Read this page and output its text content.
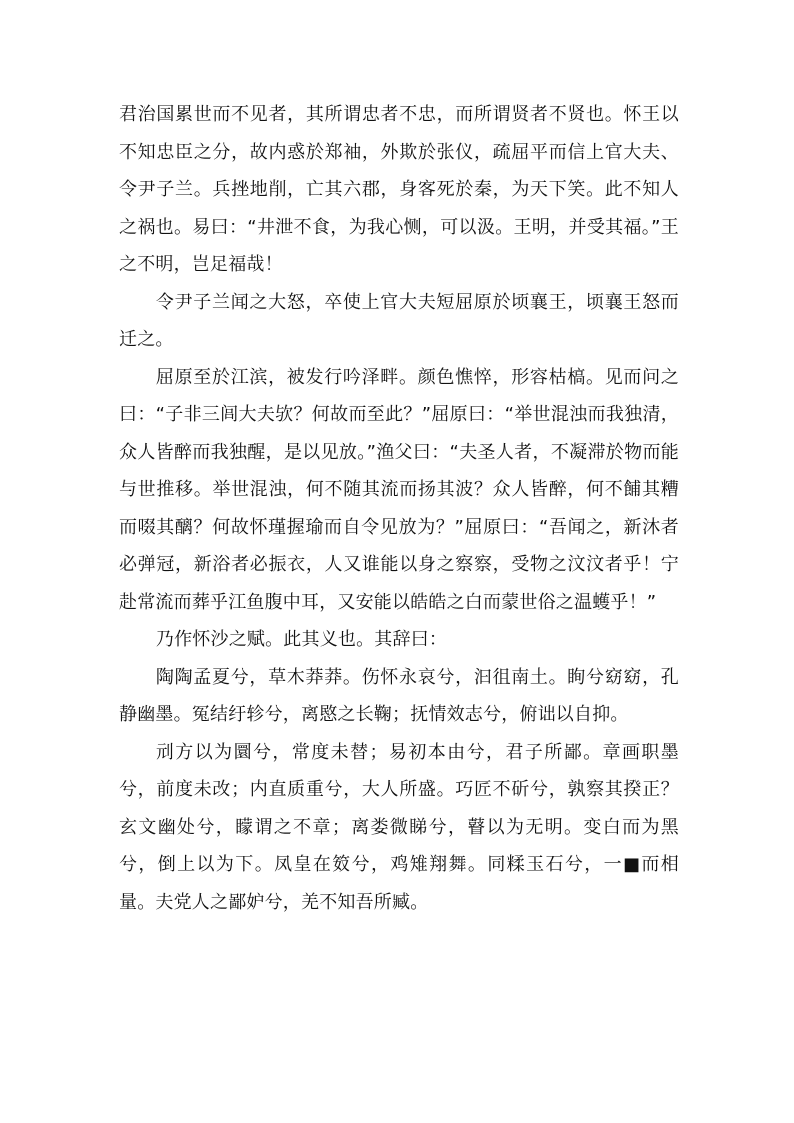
君治国累世而不见者，其所谓忠者不忠，而所谓贤者不贤也。怀王以不知忠臣之分，故内惑於郑袖，外欺於张仪，疏屈平而信上官大夫、令尹子兰。兵挫地削，亡其六郡，身客死於秦，为天下笑。此不知人之祸也。易曰：“井泄不食，为我心恻，可以汲。王明，并受其福。”王之不明，岂足福哉！

令尹子兰闻之大怒，卒使上官大夫短屈原於顷襄王，顷襄王怒而迁之。

屈原至於江滨，被发行吟泽畔。颜色憔悴，形容枯槁。见而问之曰：“子非三闾大夫欤？何故而至此？”屈原曰：“举世混浊而我独清，众人皆醉而我独醒，是以见放。”渔父曰：“夫圣人者，不凝滞於物而能与世推移。举世混浊，何不随其流而扬其波？众人皆醉，何不餔其糟而啜其醨？何故怀瑾握瑜而自令见放为？”屈原曰：“吾闻之，新沐者必弹冠，新浴者必振衣，人又谁能以身之察察，受物之汶汶者乎！宁赴常流而葬乎江鱼腹中耳，又安能以皓皓之白而蒙世俗之温蠖乎！”

乃作怀沙之赋。此其义也。其辞曰：

陶陶孟夏兮，草木莽莽。伤怀永哀兮，汩徂南土。眴兮窈窈，孔静幽墨。冤结纡轸兮，离愍之长鞠；抚情效志兮，俯诎以自抑。

刓方以为圜兮，常度未替；易初本由兮，君子所鄙。章画职墨兮，前度未改；内直质重兮，大人所盛。巧匠不斫兮，孰察其揆正？玄文幽处兮，矇谓之不章；离娄微睇兮，瞽以为无明。变白而为黑兮，倒上以为下。凤皇在笯兮，鸡雉翔舞。同糅玉石兮，一■而相量。夫党人之鄙妒兮，羌不知吾所臧。
